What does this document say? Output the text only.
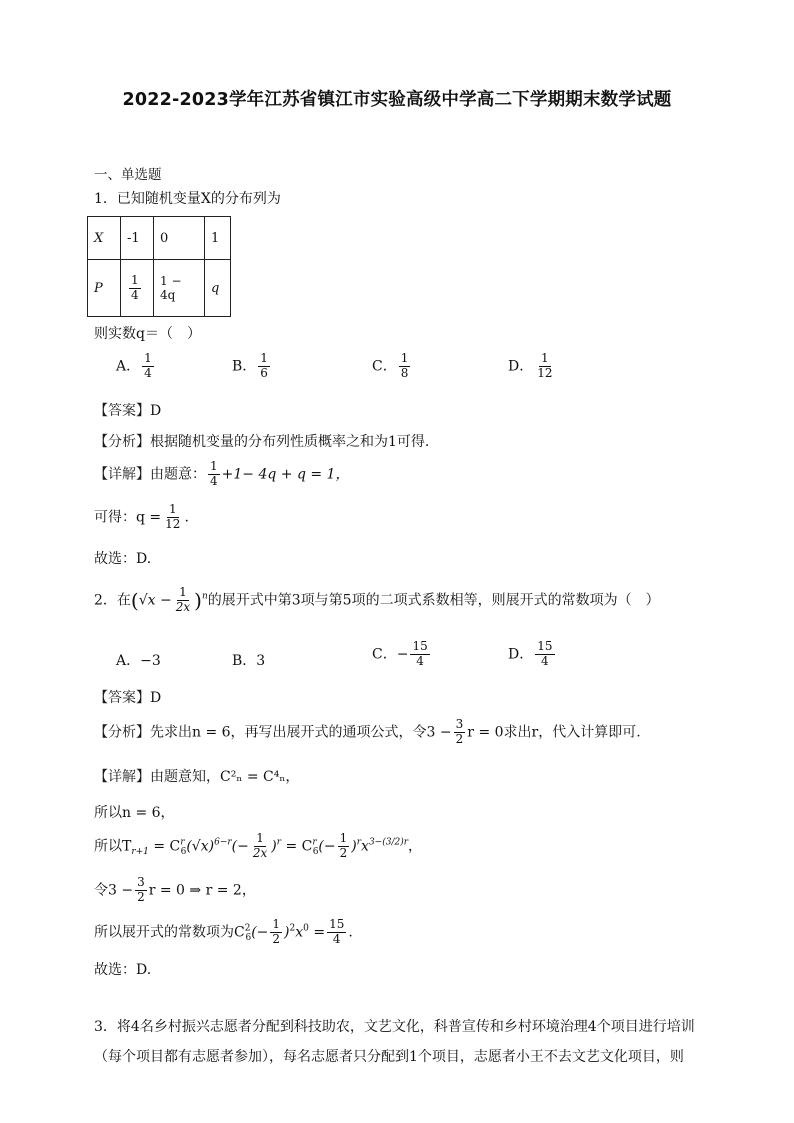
2022-2023学年江苏省镇江市实验高级中学高二下学期期末数学试题
一、单选题
1．已知随机变量X的分布列为
X	-1	0	1
P	$\frac{1}{4}$	1 − 4q	q
则实数q＝（　）
A． $\frac{1}{4}$	B． $\frac{1}{6}$	C． $\frac{1}{8}$	D． $\frac{1}{12}$
【答案】D
【分析】根据随机变量的分布列性质概率之和为1可得.
【详解】由题意： $\frac{1}{4} +1- 4q + q = 1$，
可得：$q = \frac{1}{12}$ .
故选：D.
2．在$(√x - \frac{1}{2x} )^n$的展开式中第3项与第5项的二项式系数相等，则展开式的常数项为（　）
A．−3	B．3	C．− $\frac{15}{4}$	D． $\frac{15}{4}$
【答案】D
【分析】先求出n = 6，再写出展开式的通项公式，令$3 - \frac{3}{2}$ r = 0求出r，代入计算即可.
【详解】由题意知，C²ₙ = C⁴ₙ，
所以n = 6，
所以$T_{r+1} = C^r_6(√x)^{6-r}(- \frac{1}{2x} )^r = C^r_6(- \frac{1}{2} )^rx^{3-(3/2)r}$，
令$3 - \frac{3}{2}$ r = 0 ⇒ r = 2，
所以展开式的常数项为$C^2_6(- \frac{1}{2} )^2x^0 = \frac{15}{4}$ .
故选：D.
3．将4名乡村振兴志愿者分配到科技助农，文艺文化，科普宣传和乡村环境治理4个项目进行培训
（每个项目都有志愿者参加），每名志愿者只分配到1个项目，志愿者小王不去文艺文化项目，则
